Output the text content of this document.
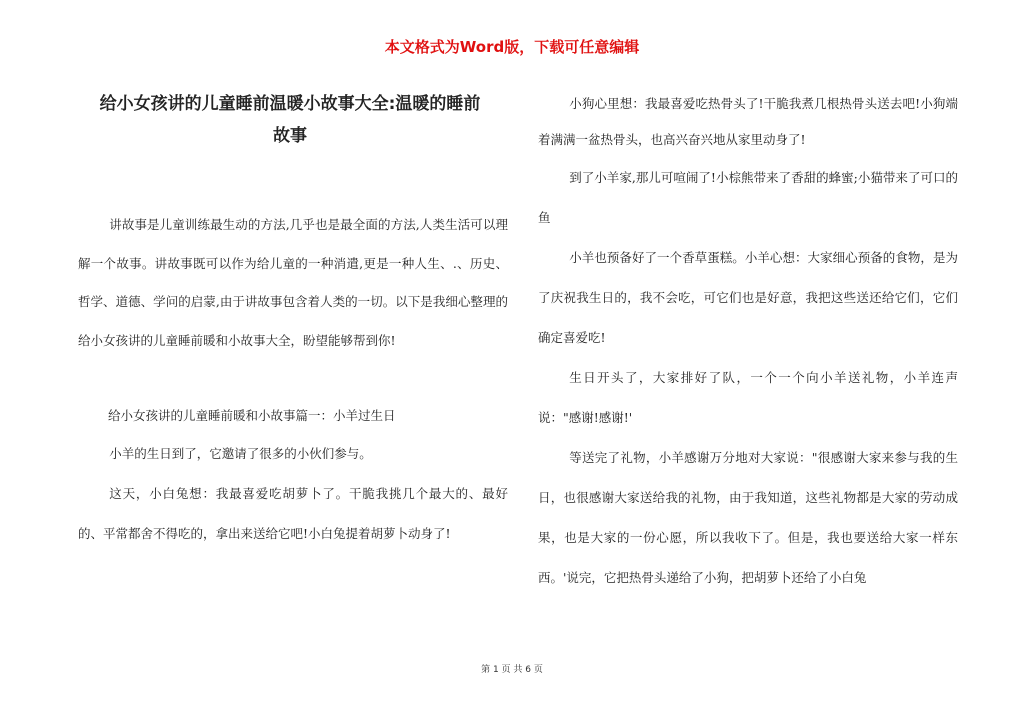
本文格式为Word版，下载可任意编辑
给小女孩讲的儿童睡前温暖小故事大全:温暖的睡前
故事

讲故事是儿童训练最生动的方法,几乎也是最全面的方法,人类生活可以理解一个故事。讲故事既可以作为给儿童的一种消遣,更是一种人生、.、历史、哲学、道德、学问的启蒙,由于讲故事包含着人类的一切。以下是我细心整理的给小女孩讲的儿童睡前暖和小故事大全，盼望能够帮到你!

给小女孩讲的儿童睡前暖和小故事篇一：小羊过生日

小羊的生日到了，它邀请了很多的小伙们参与。

这天，小白兔想：我最喜爱吃胡萝卜了。干脆我挑几个最大的、最好的、平常都舍不得吃的，拿出来送给它吧!小白兔提着胡萝卜动身了!

小狗心里想：我最喜爱吃热骨头了!干脆我煮几根热骨头送去吧!小狗端着满满一盆热骨头，也高兴奋兴地从家里动身了!

到了小羊家,那儿可喧闹了!小棕熊带来了香甜的蜂蜜;小猫带来了可口的鱼

小羊也预备好了一个香草蛋糕。小羊心想：大家细心预备的食物，是为了庆祝我生日的，我不会吃，可它们也是好意，我把这些送还给它们，它们确定喜爱吃!

生日开头了，大家排好了队，一个一个向小羊送礼物，小羊连声说："感谢!感谢!'

等送完了礼物，小羊感谢万分地对大家说："很感谢大家来参与我的生日，也很感谢大家送给我的礼物，由于我知道，这些礼物都是大家的劳动成果，也是大家的一份心愿，所以我收下了。但是，我也要送给大家一样东西。'说完，它把热骨头递给了小狗，把胡萝卜还给了小白兔

第 1 页 共 6 页
